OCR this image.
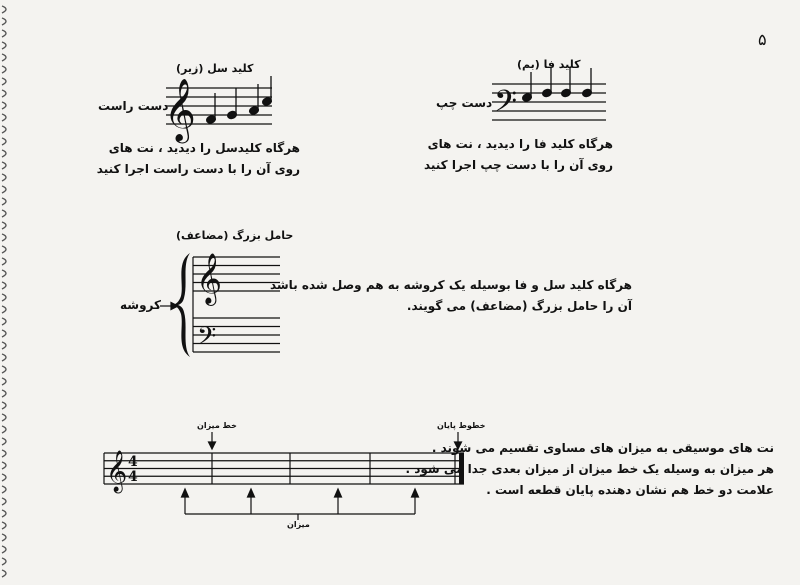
۵
𝄞	𝄢
𝄞
𝄢
𝄞 4
4
کلید سل (زیر)
دست راست
هرگاه کلیدسل را دیدید ، نت های
روی آن را با دست راست اجرا کنید
کلید فا (بم)
دست چپ
هرگاه کلید فا را دیدید ، نت های
روی آن را با دست چپ اجرا کنید
حامل بزرگ (مضاعف)
کروشه
هرگاه کلید سل و فا بوسیله یک کروشه به هم وصل شده باشد
آن را حامل بزرگ (مضاعف) می گویند.
خط میزان	خطوط پایان
میزان
نت های موسیقی به میزان های مساوی تقسیم می شوند .
هر میزان به وسیله یک خط میزان از میزان بعدی جدا می شود .
علامت دو خط هم نشان دهنده پایان قطعه است .
